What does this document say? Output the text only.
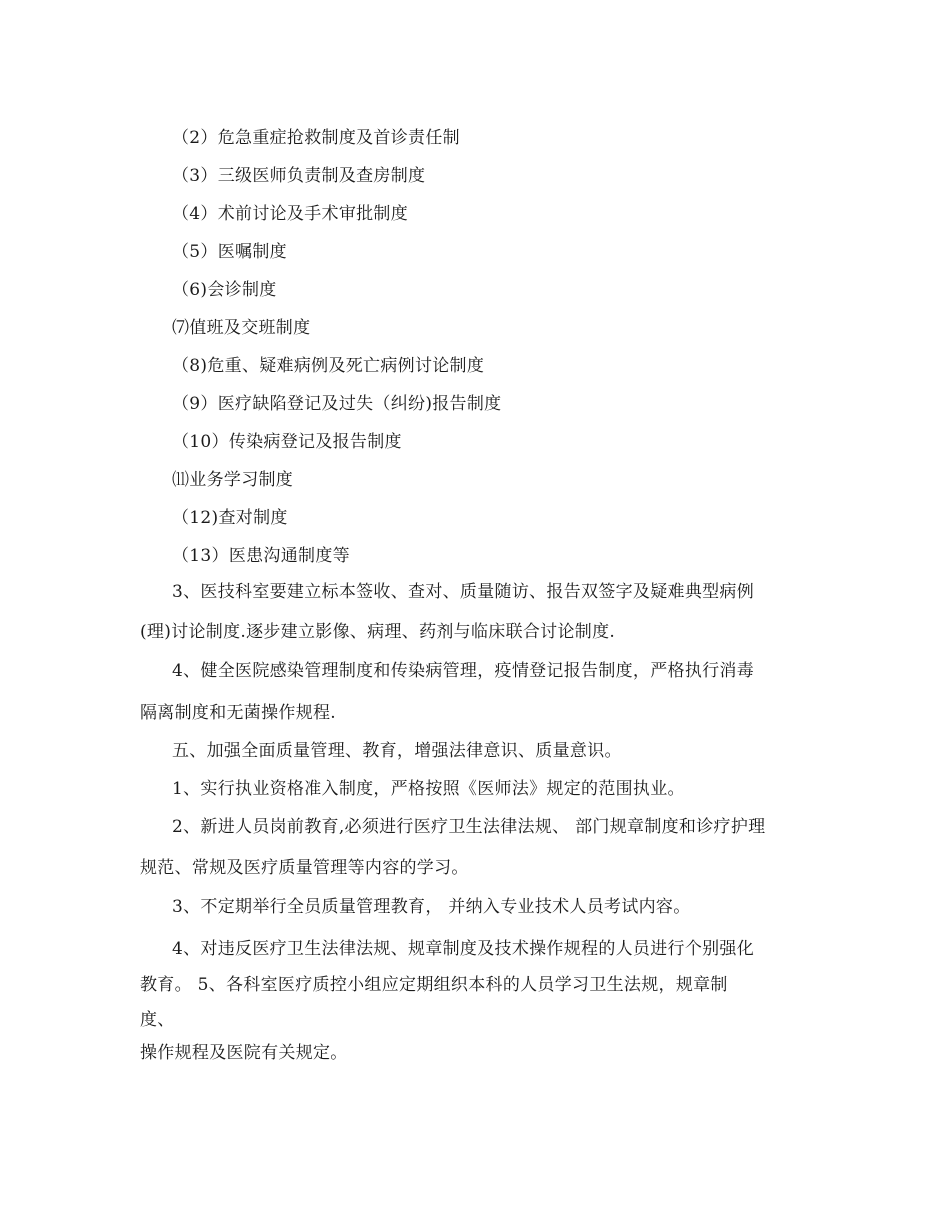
（2）危急重症抢救制度及首诊责任制
（3）三级医师负责制及查房制度
（4）术前讨论及手术审批制度
（5）医嘱制度
（6)会诊制度
⑺值班及交班制度
（8)危重、疑难病例及死亡病例讨论制度
（9）医疗缺陷登记及过失（纠纷)报告制度
（10）传染病登记及报告制度
⑾业务学习制度
（12)查对制度
（13）医患沟通制度等
3、医技科室要建立标本签收、查对、质量随访、报告双签字及疑难典型病例
(理)讨论制度.逐步建立影像、病理、药剂与临床联合讨论制度.
4、健全医院感染管理制度和传染病管理，疫情登记报告制度，严格执行消毒
隔离制度和无菌操作规程.
五、加强全面质量管理、教育，增强法律意识、质量意识。
1、实行执业资格准入制度，严格按照《医师法》规定的范围执业。
2、新进人员岗前教育,必须进行医疗卫生法律法规、 部门规章制度和诊疗护理
规范、常规及医疗质量管理等内容的学习。
3、不定期举行全员质量管理教育， 并纳入专业技术人员考试内容。
4、对违反医疗卫生法律法规、规章制度及技术操作规程的人员进行个别强化
教育。 5、各科室医疗质控小组应定期组织本科的人员学习卫生法规，规章制
度、
操作规程及医院有关规定。
